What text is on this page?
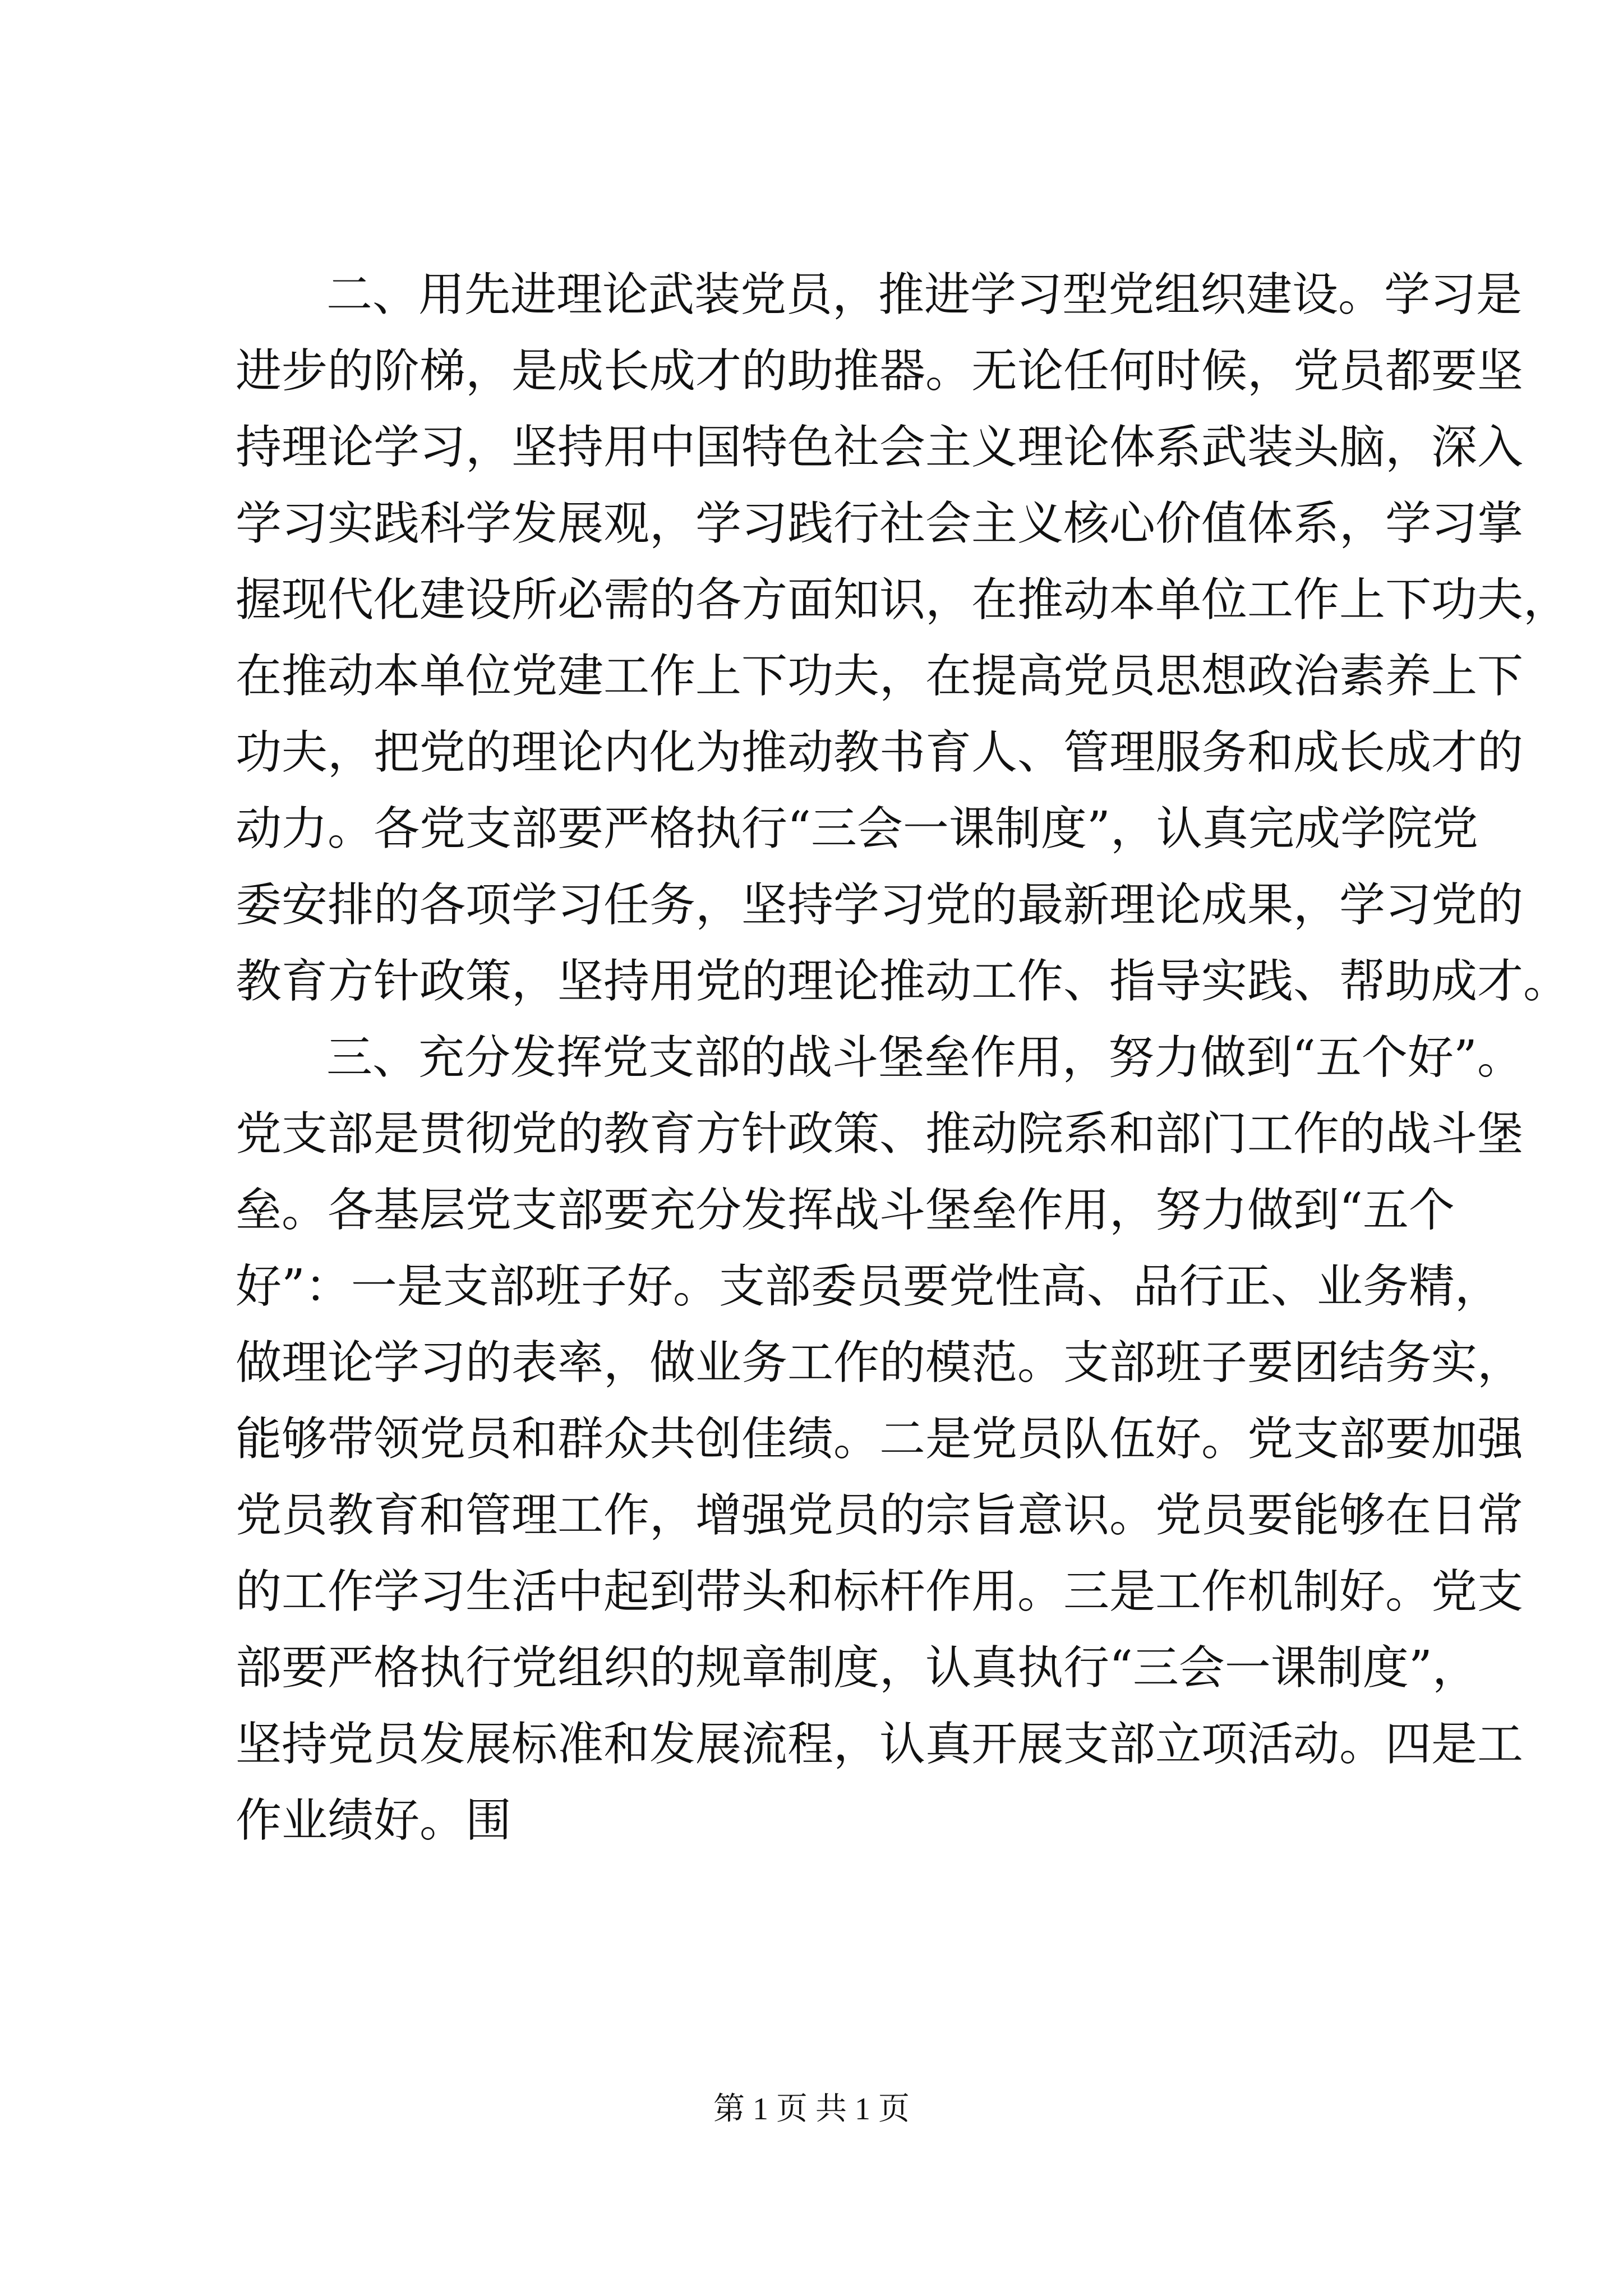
二、用先进理论武装党员，推进学习型党组织建设。学习是
进步的阶梯，是成长成才的助推器。无论任何时候，党员都要坚
持理论学习，坚持用中国特色社会主义理论体系武装头脑，深入
学习实践科学发展观，学习践行社会主义核心价值体系，学习掌
握现代化建设所必需的各方面知识，在推动本单位工作上下功夫，
在推动本单位党建工作上下功夫，在提高党员思想政治素养上下
功夫，把党的理论内化为推动教书育人、管理服务和成长成才的
动力。各党支部要严格执行“三会一课制度”，认真完成学院党
委安排的各项学习任务，坚持学习党的最新理论成果，学习党的
教育方针政策，坚持用党的理论推动工作、指导实践、帮助成才。
三、充分发挥党支部的战斗堡垒作用，努力做到“五个好”。
党支部是贯彻党的教育方针政策、推动院系和部门工作的战斗堡
垒。各基层党支部要充分发挥战斗堡垒作用，努力做到“五个
好”：一是支部班子好。支部委员要党性高、品行正、业务精，
做理论学习的表率，做业务工作的模范。支部班子要团结务实，
能够带领党员和群众共创佳绩。二是党员队伍好。党支部要加强
党员教育和管理工作，增强党员的宗旨意识。党员要能够在日常
的工作学习生活中起到带头和标杆作用。三是工作机制好。党支
部要严格执行党组织的规章制度，认真执行“三会一课制度”，
坚持党员发展标准和发展流程，认真开展支部立项活动。四是工
作业绩好。围
第 1 页 共 1 页
